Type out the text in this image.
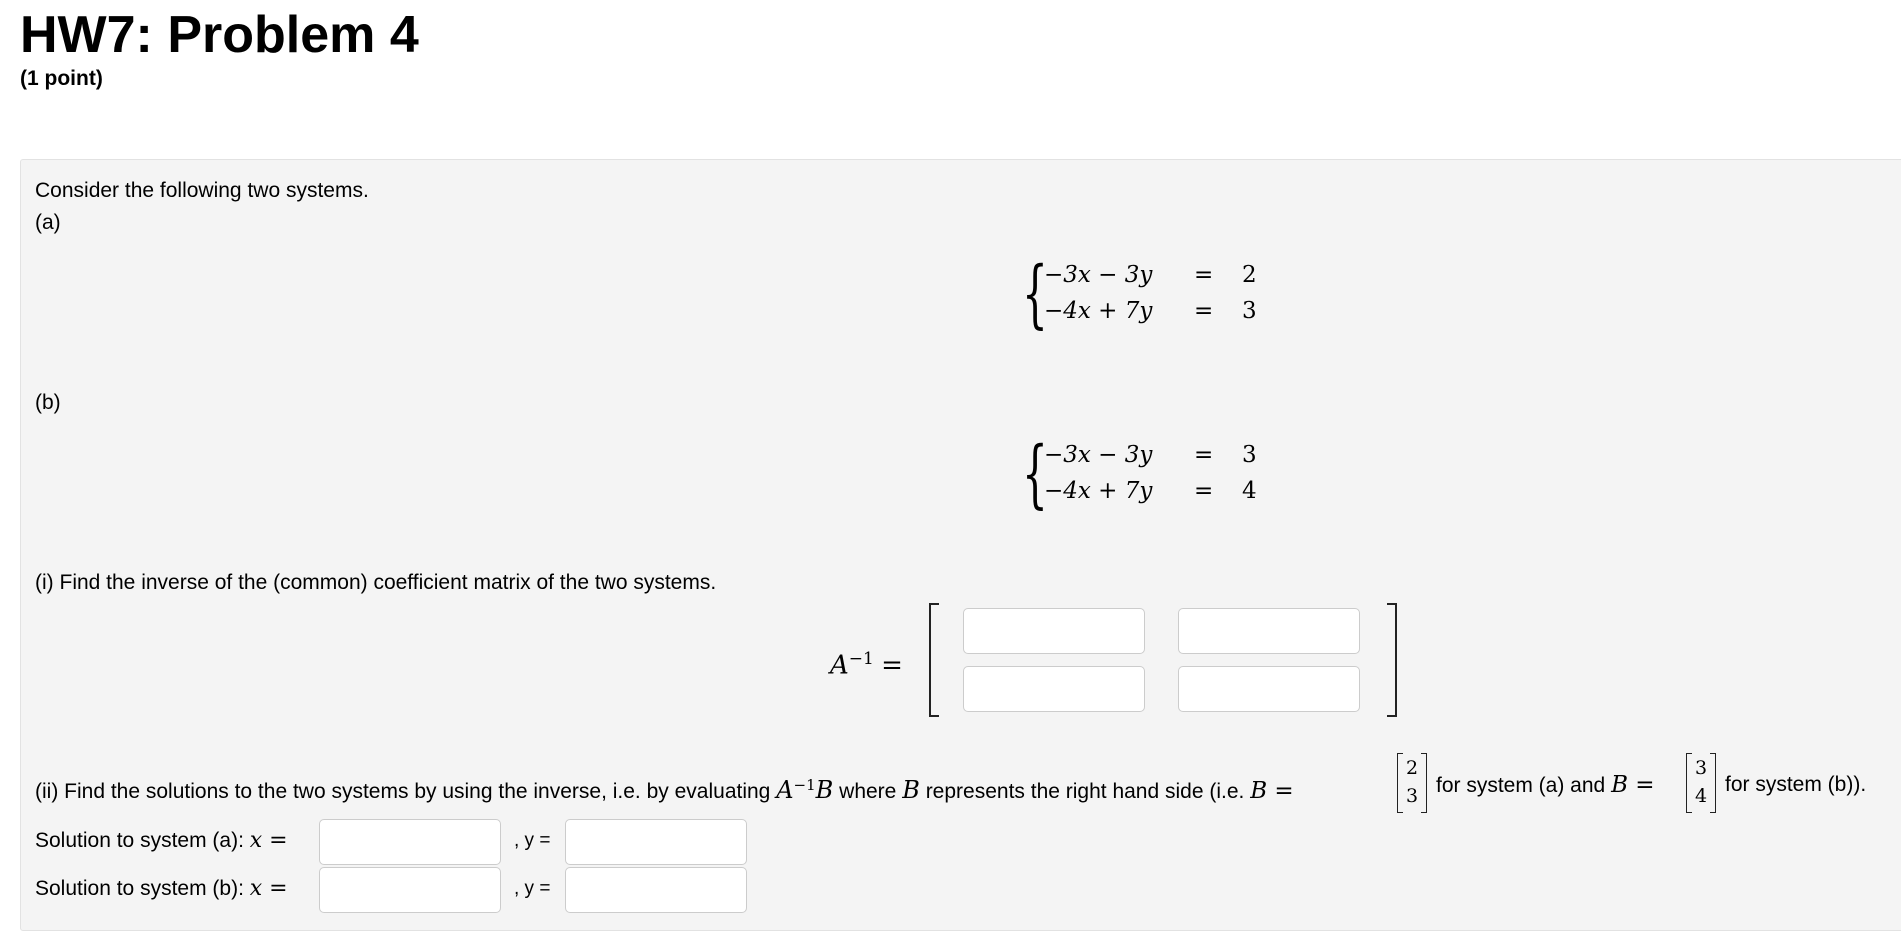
HW7: Problem 4
(1 point)
Consider the following two systems.
(a)
{
−3x − 3y = 2
−4x + 7y = 3
(b)
{
−3x − 3y = 3
−4x + 7y = 4
(i) Find the inverse of the (common) coefficient matrix of the two systems.
$A^{-1}$ =
(ii) Find the solutions to the two systems by using the inverse, i.e. by evaluating $A^{-1}B$ where B represents the right hand side (i.e. B =
2
3 for system (a) and B =
3
4 for system (b)).
Solution to system (a): x =	, y =
Solution to system (b): x =	, y =
